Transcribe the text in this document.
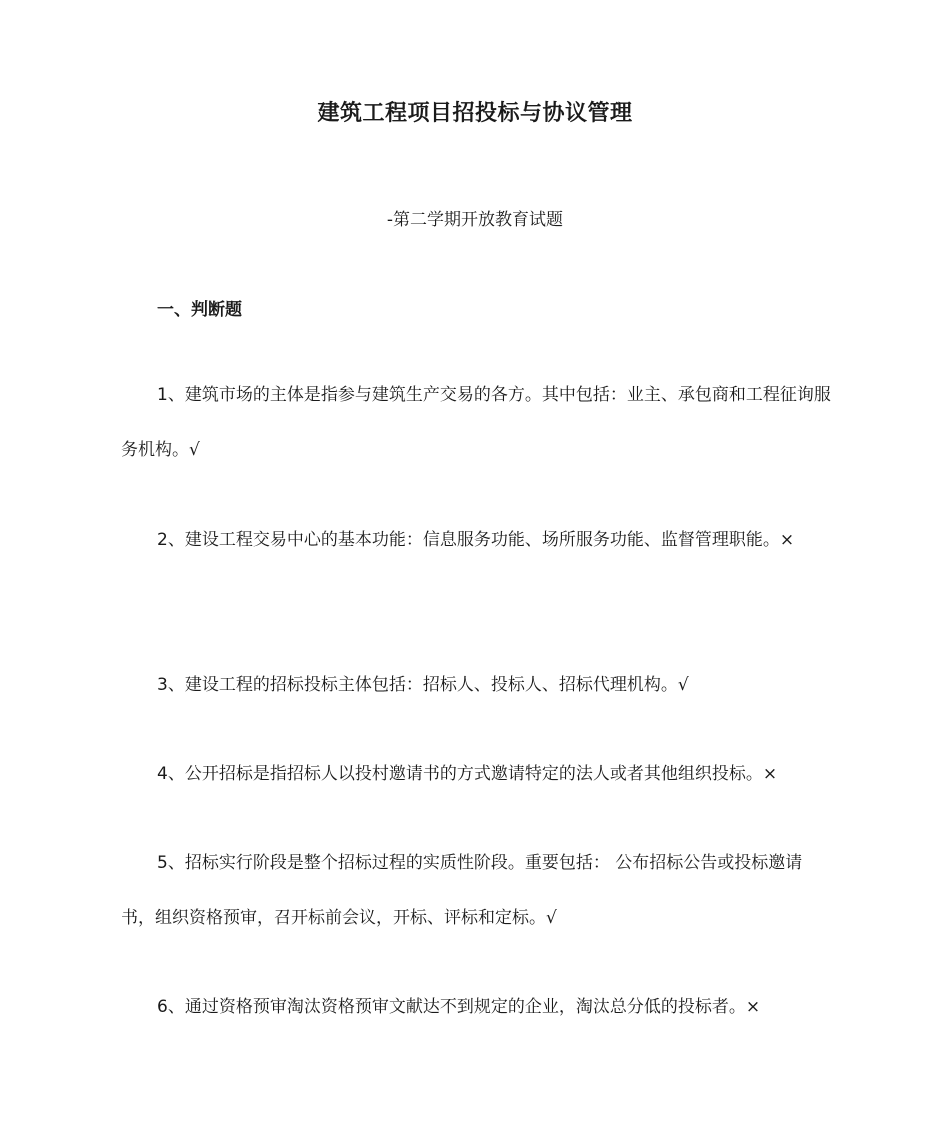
建筑工程项目招投标与协议管理
-第二学期开放教育试题
一、判断题
1、建筑市场的主体是指参与建筑生产交易的各方。其中包括：业主、承包商和工程征询服务机构。√
2、建设工程交易中心的基本功能：信息服务功能、场所服务功能、监督管理职能。×
3、建设工程的招标投标主体包括：招标人、投标人、招标代理机构。√
4、公开招标是指招标人以投村邀请书的方式邀请特定的法人或者其他组织投标。×
5、招标实行阶段是整个招标过程的实质性阶段。重要包括： 公布招标公告或投标邀请书，组织资格预审，召开标前会议，开标、评标和定标。√
6、通过资格预审淘汰资格预审文献达不到规定的企业，淘汰总分低的投标者。×
